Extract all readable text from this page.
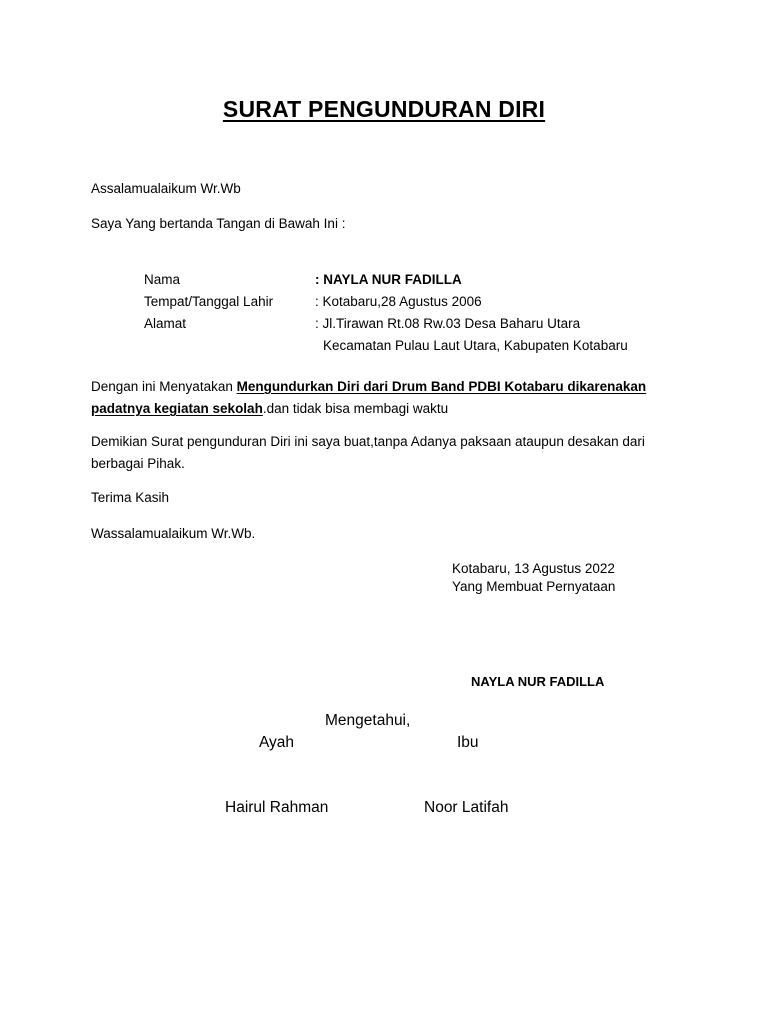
SURAT PENGUNDURAN DIRI
Assalamualaikum Wr.Wb
Saya Yang bertanda Tangan di Bawah Ini :
Nama	: NAYLA NUR FADILLA
Tempat/Tanggal Lahir	: Kotabaru,28 Agustus 2006
Alamat	: Jl.Tirawan Rt.08 Rw.03 Desa Baharu Utara
Kecamatan Pulau Laut Utara, Kabupaten Kotabaru
Dengan ini Menyatakan Mengundurkan Diri dari Drum Band PDBI Kotabaru dikarenakan
padatnya kegiatan sekolah.dan tidak bisa membagi waktu
Demikian Surat pengunduran Diri ini saya buat,tanpa Adanya paksaan ataupun desakan dari berbagai Pihak.
Terima Kasih
Wassalamualaikum Wr.Wb.
Kotabaru, 13 Agustus 2022
Yang Membuat Pernyataan
NAYLA NUR FADILLA
Mengetahui,
Ayah	Ibu
Hairul Rahman	Noor Latifah
